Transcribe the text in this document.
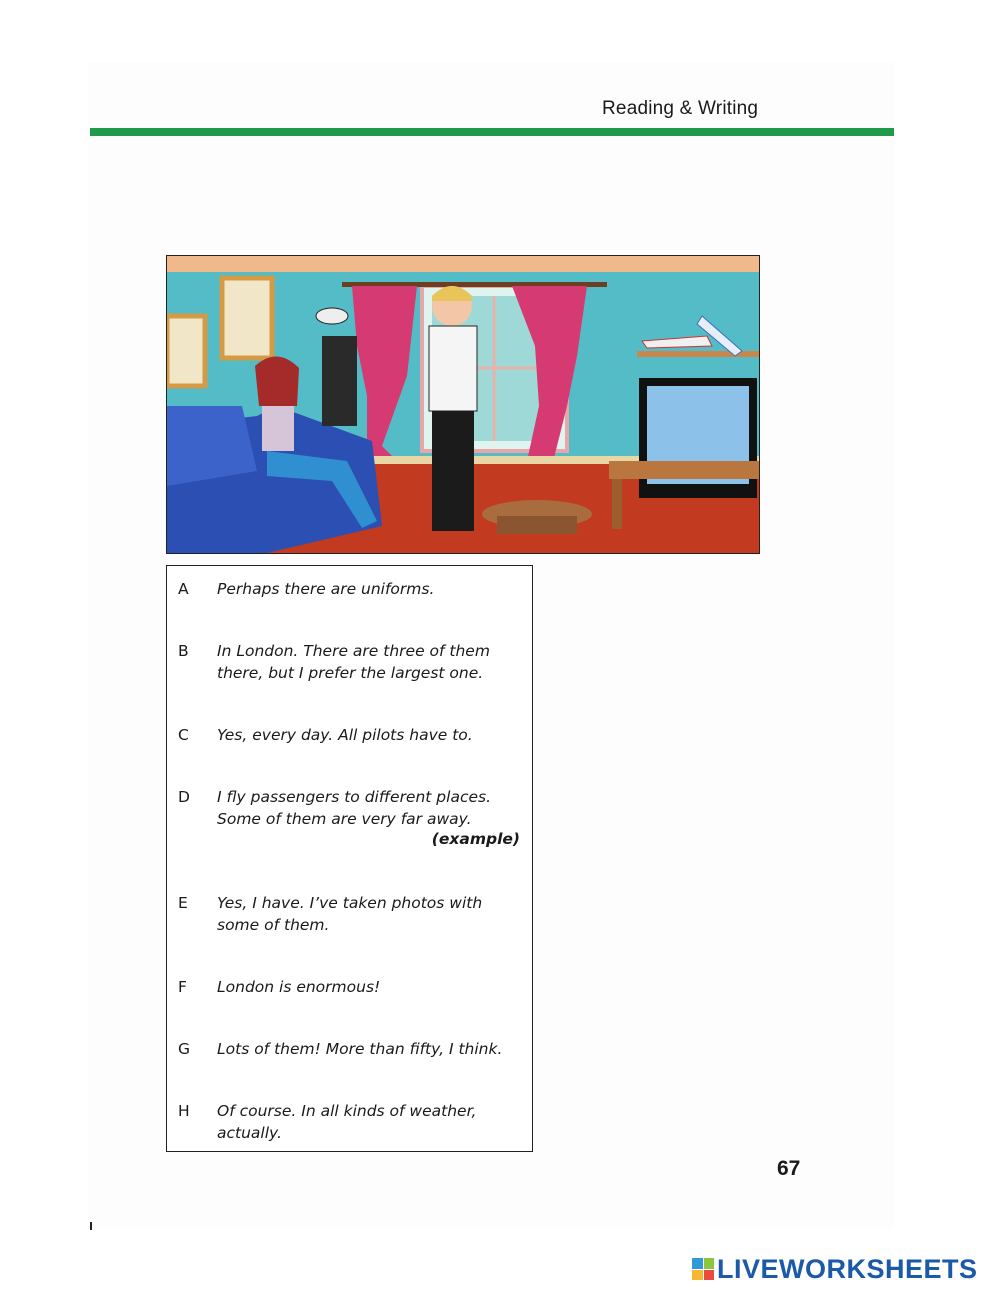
Reading & Writing
A Perhaps there are uniforms.
B In London. There are three of them
there, but I prefer the largest one.
C Yes, every day. All pilots have to.
D I fly passengers to different places.
Some of them are very far away.
(example)
E Yes, I have. I’ve taken photos with
some of them.
F London is enormous!
G Lots of them! More than fifty, I think.
H Of course. In all kinds of weather,
actually.
67
LIVEWORKSHEETS
